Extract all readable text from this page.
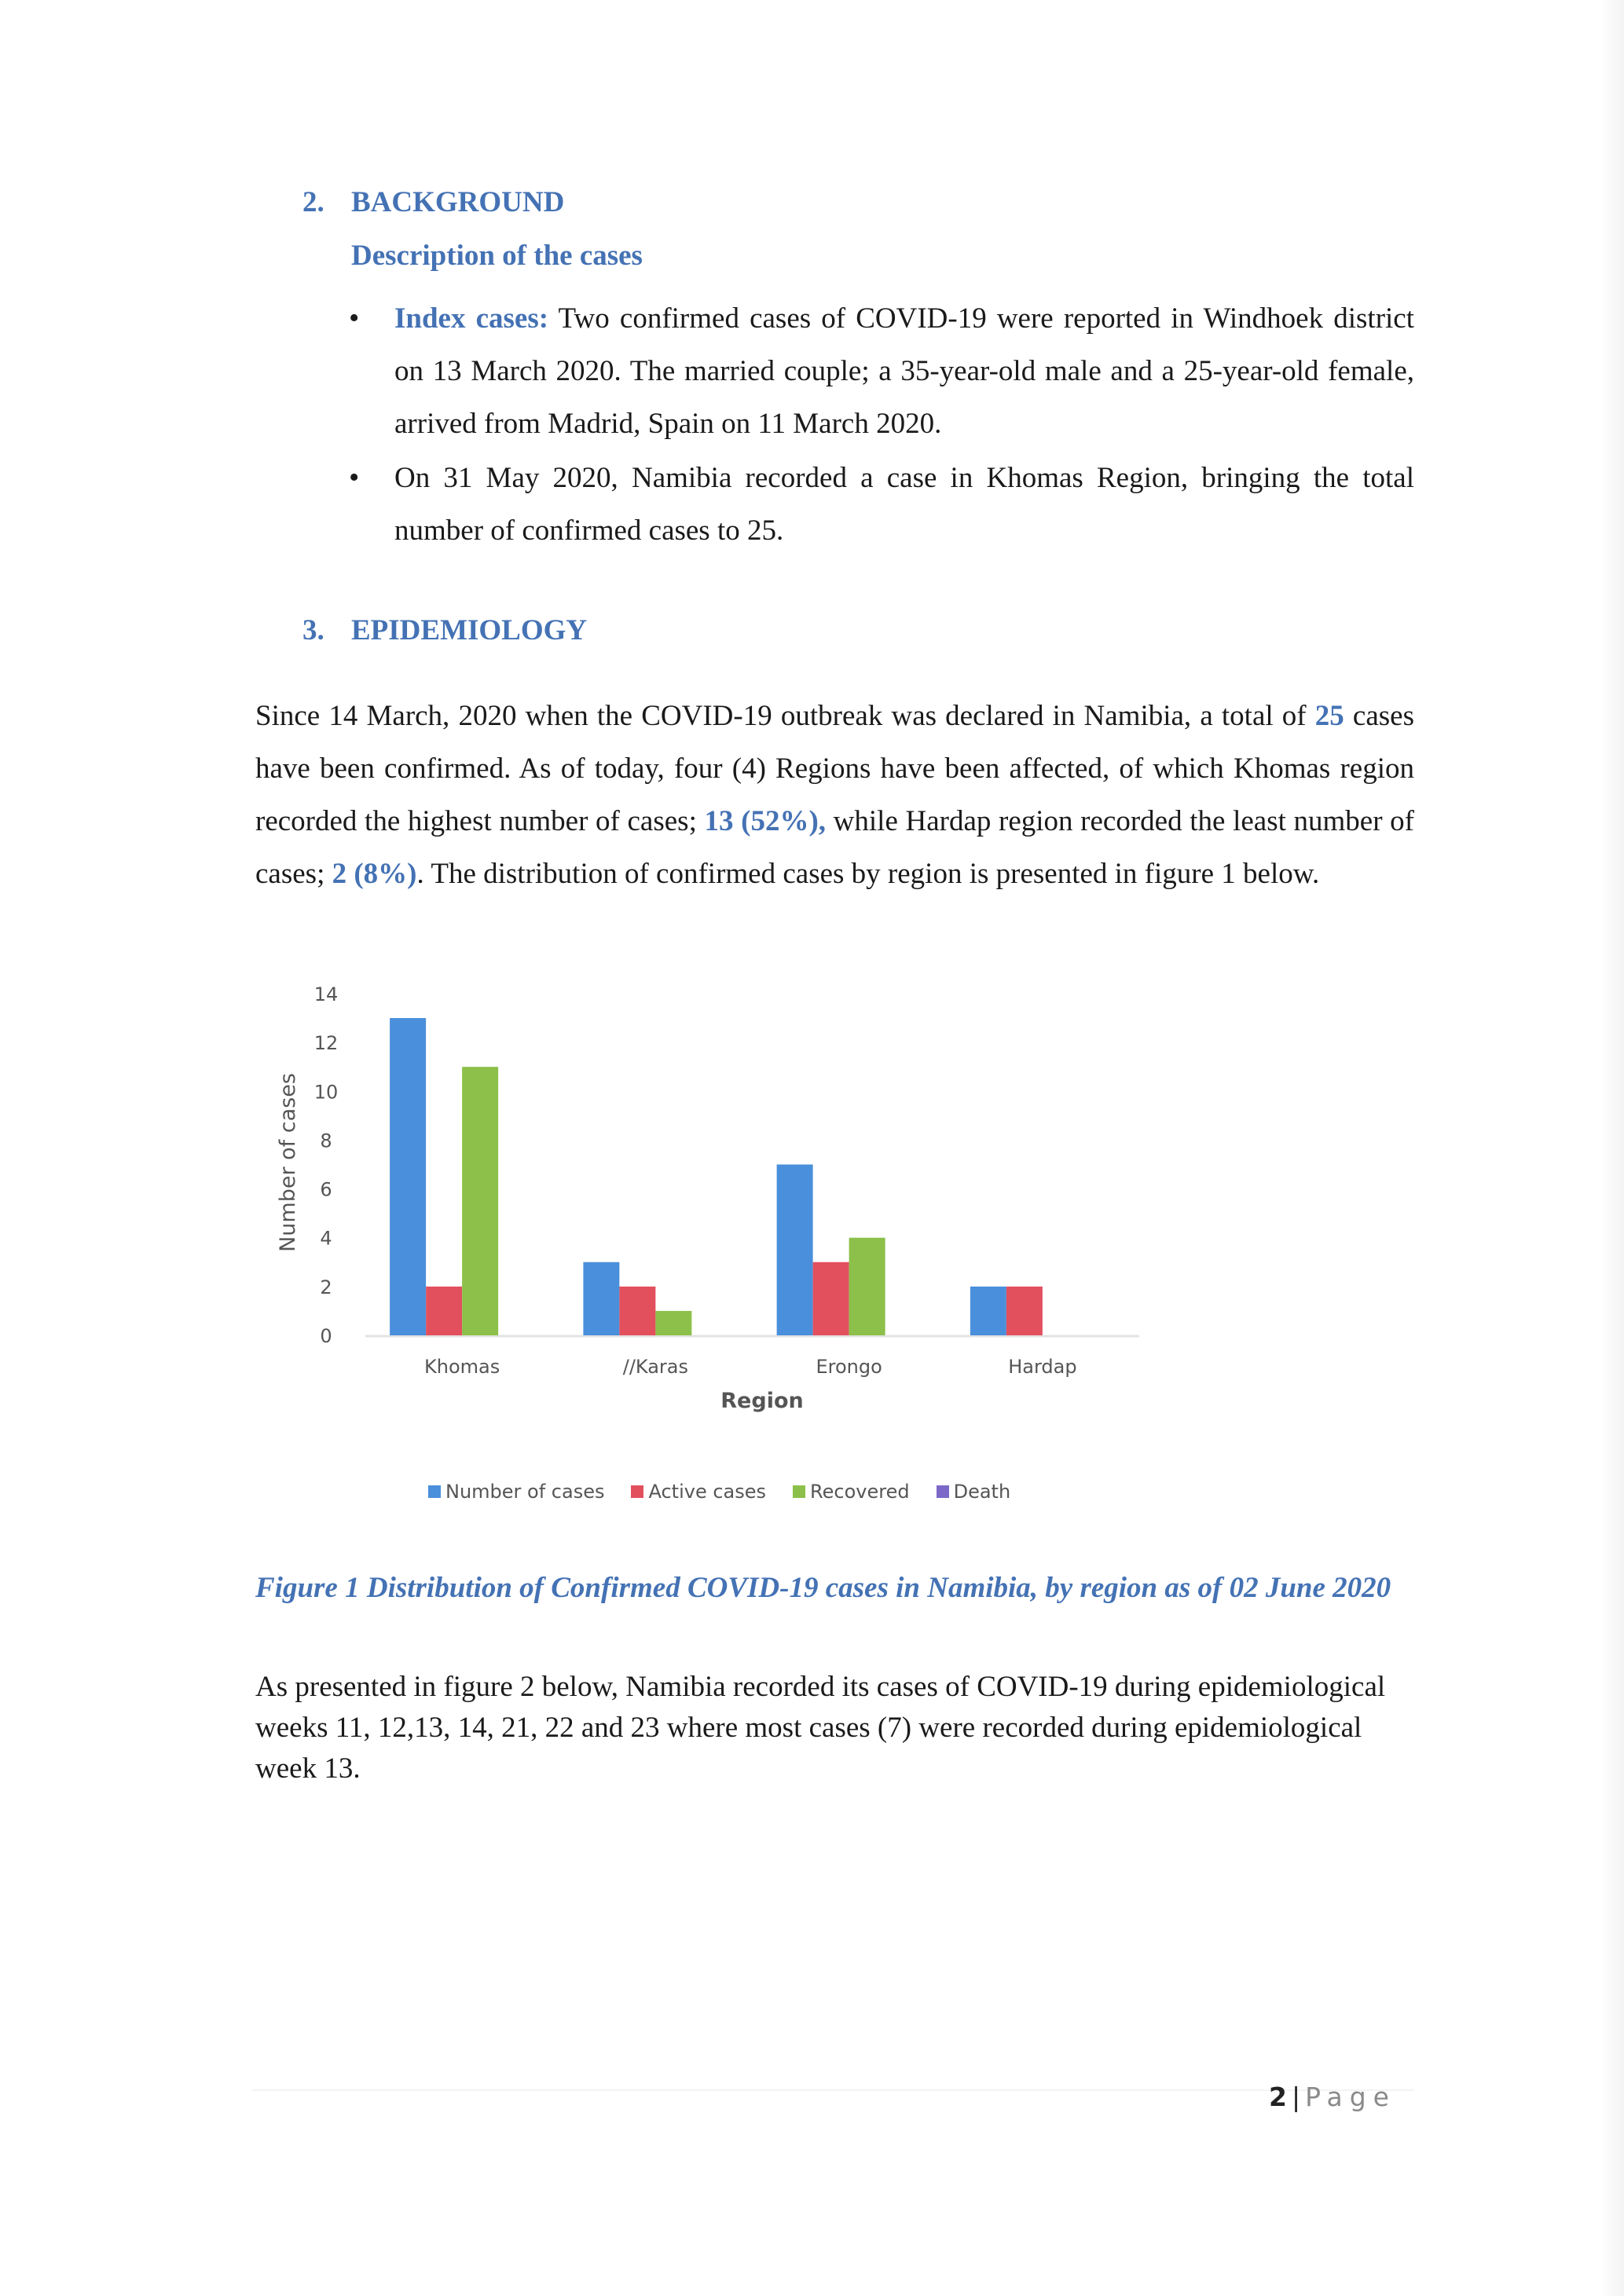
2. BACKGROUND
Description of the cases
• Index cases: Two confirmed cases of COVID-19 were reported in Windhoek district on 13 March 2020. The married couple; a 35-year-old male and a 25-year-old female, arrived from Madrid, Spain on 11 March 2020.
• On 31 May 2020, Namibia recorded a case in Khomas Region, bringing the total number of confirmed cases to 25.
3. EPIDEMIOLOGY

Since 14 March, 2020 when the COVID-19 outbreak was declared in Namibia, a total of 25 cases have been confirmed. As of today, four (4) Regions have been affected, of which Khomas region recorded the highest number of cases; 13 (52%), while Hardap region recorded the least number of cases; 2 (8%). The distribution of confirmed cases by region is presented in figure 1 below.

Number of cases
Region
0
2
4
6
8
10
12
14
Khomas	//Karas	Erongo	Hardap
Number of cases Active cases Recovered Death

Figure 1 Distribution of Confirmed COVID-19 cases in Namibia, by region as of 02 June 2020

As presented in figure 2 below, Namibia recorded its cases of COVID-19 during epidemiological weeks 11, 12,13, 14, 21, 22 and 23 where most cases (7) were recorded during epidemiological week 13.

2 | Page
